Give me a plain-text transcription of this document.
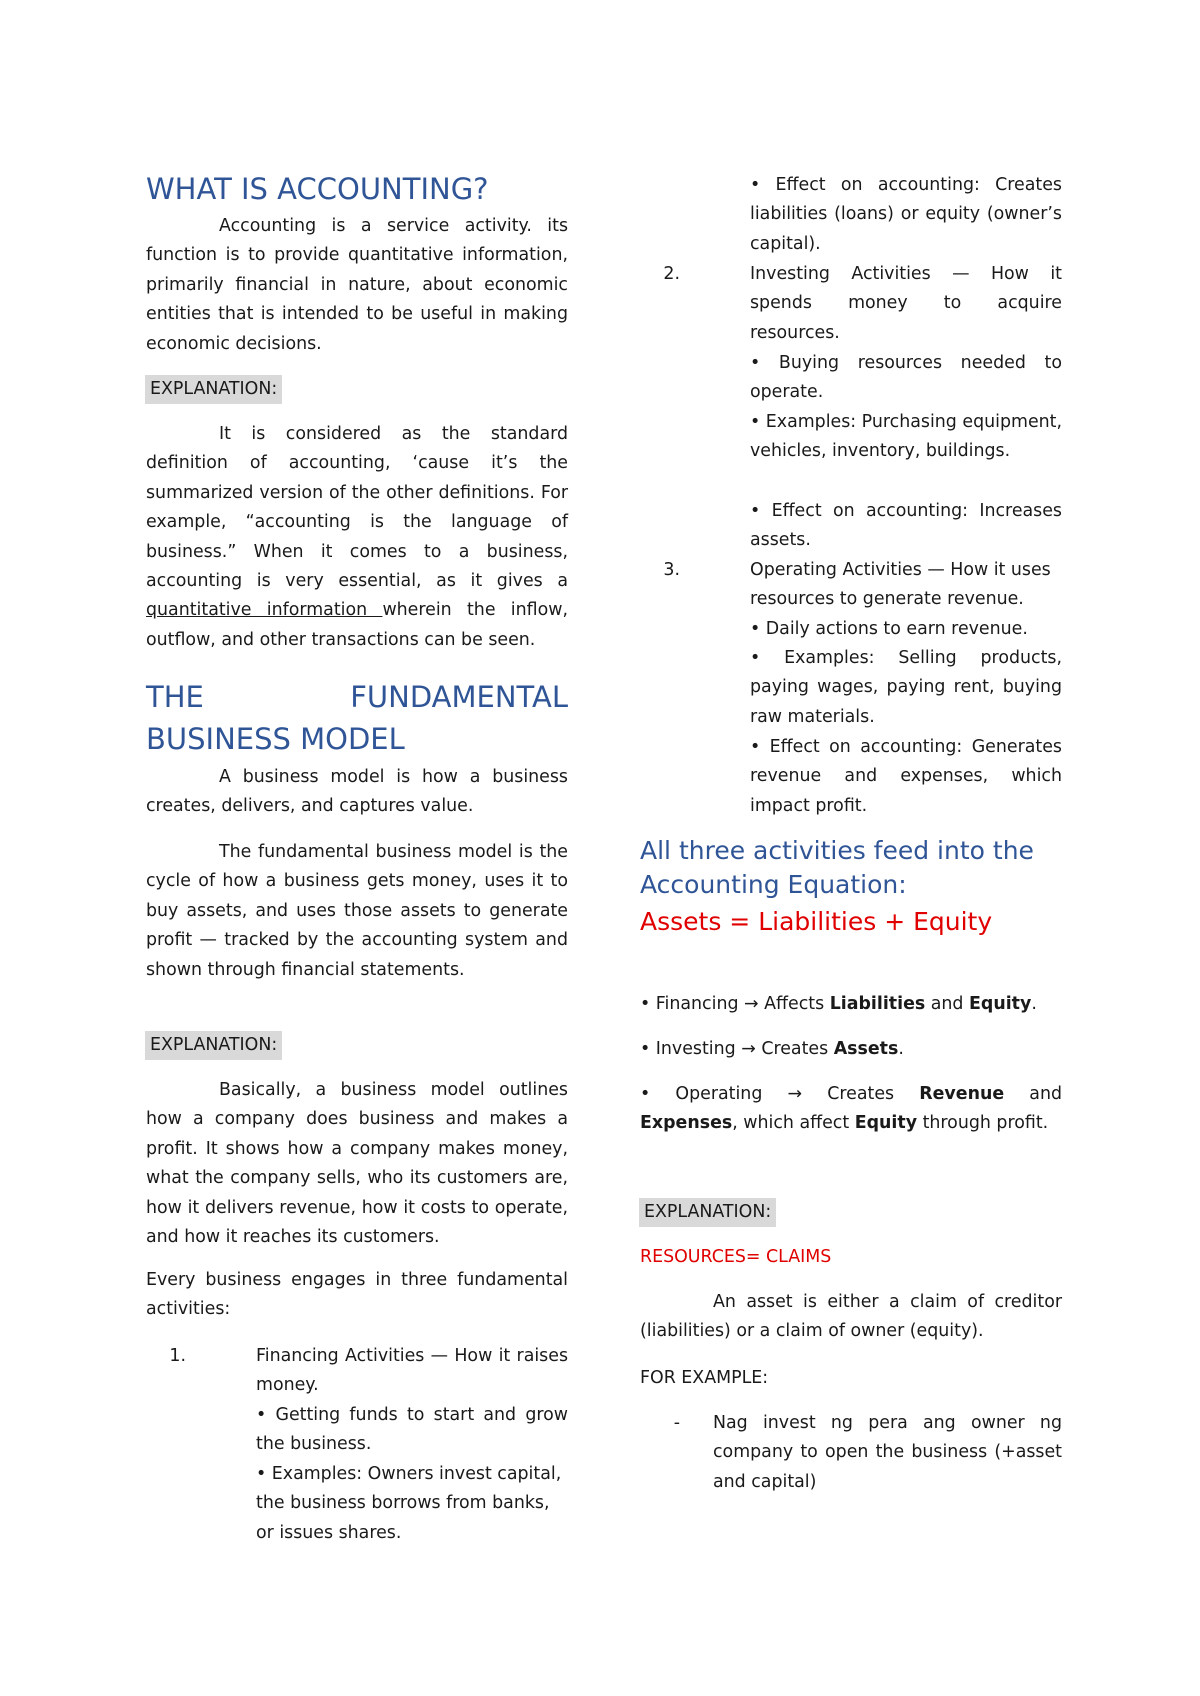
WHAT IS ACCOUNTING?

Accounting is a service activity. its function is to provide quantitative information, primarily financial in nature, about economic entities that is intended to be useful in making economic decisions.

EXPLANATION:

It is considered as the standard definition of accounting, ‘cause it’s the summarized version of the other definitions. For example, “accounting is the language of business.” When it comes to a business, accounting is very essential, as it gives a quantitative information wherein the inflow, outflow, and other transactions can be seen.

THE FUNDAMENTAL
BUSINESS MODEL

A business model is how a business creates, delivers, and captures value.

The fundamental business model is the cycle of how a business gets money, uses it to buy assets, and uses those assets to generate profit — tracked by the accounting system and shown through financial statements.

EXPLANATION:

Basically, a business model outlines how a company does business and makes a profit. It shows how a company makes money, what the company sells, who its customers are, how it delivers revenue, how it costs to operate, and how it reaches its customers.

Every business engages in three fundamental activities:

1.	Financing Activities — How it raises money.

• Getting funds to start and grow the business.

• Examples: Owners invest capital, the business borrows from banks, or issues shares.

• Effect on accounting: Creates liabilities (loans) or equity (owner’s capital).

2.	Investing Activities — How it spends money to acquire resources.

• Buying resources needed to operate.

• Examples: Purchasing equipment, vehicles, inventory, buildings.

• Effect on accounting: Increases assets.

3.	Operating Activities — How it uses resources to generate revenue.

• Daily actions to earn revenue.

• Examples: Selling products, paying wages, paying rent, buying raw materials.

• Effect on accounting: Generates revenue and expenses, which impact profit.

All three activities feed into the Accounting Equation:

Assets = Liabilities + Equity

• Financing → Affects Liabilities and Equity.

• Investing → Creates Assets.

• Operating → Creates Revenue and Expenses, which affect Equity through profit.

EXPLANATION:

RESOURCES= CLAIMS

An asset is either a claim of creditor (liabilities) or a claim of owner (equity).

FOR EXAMPLE:

- Nag invest ng pera ang owner ng company to open the business (+asset and capital)
